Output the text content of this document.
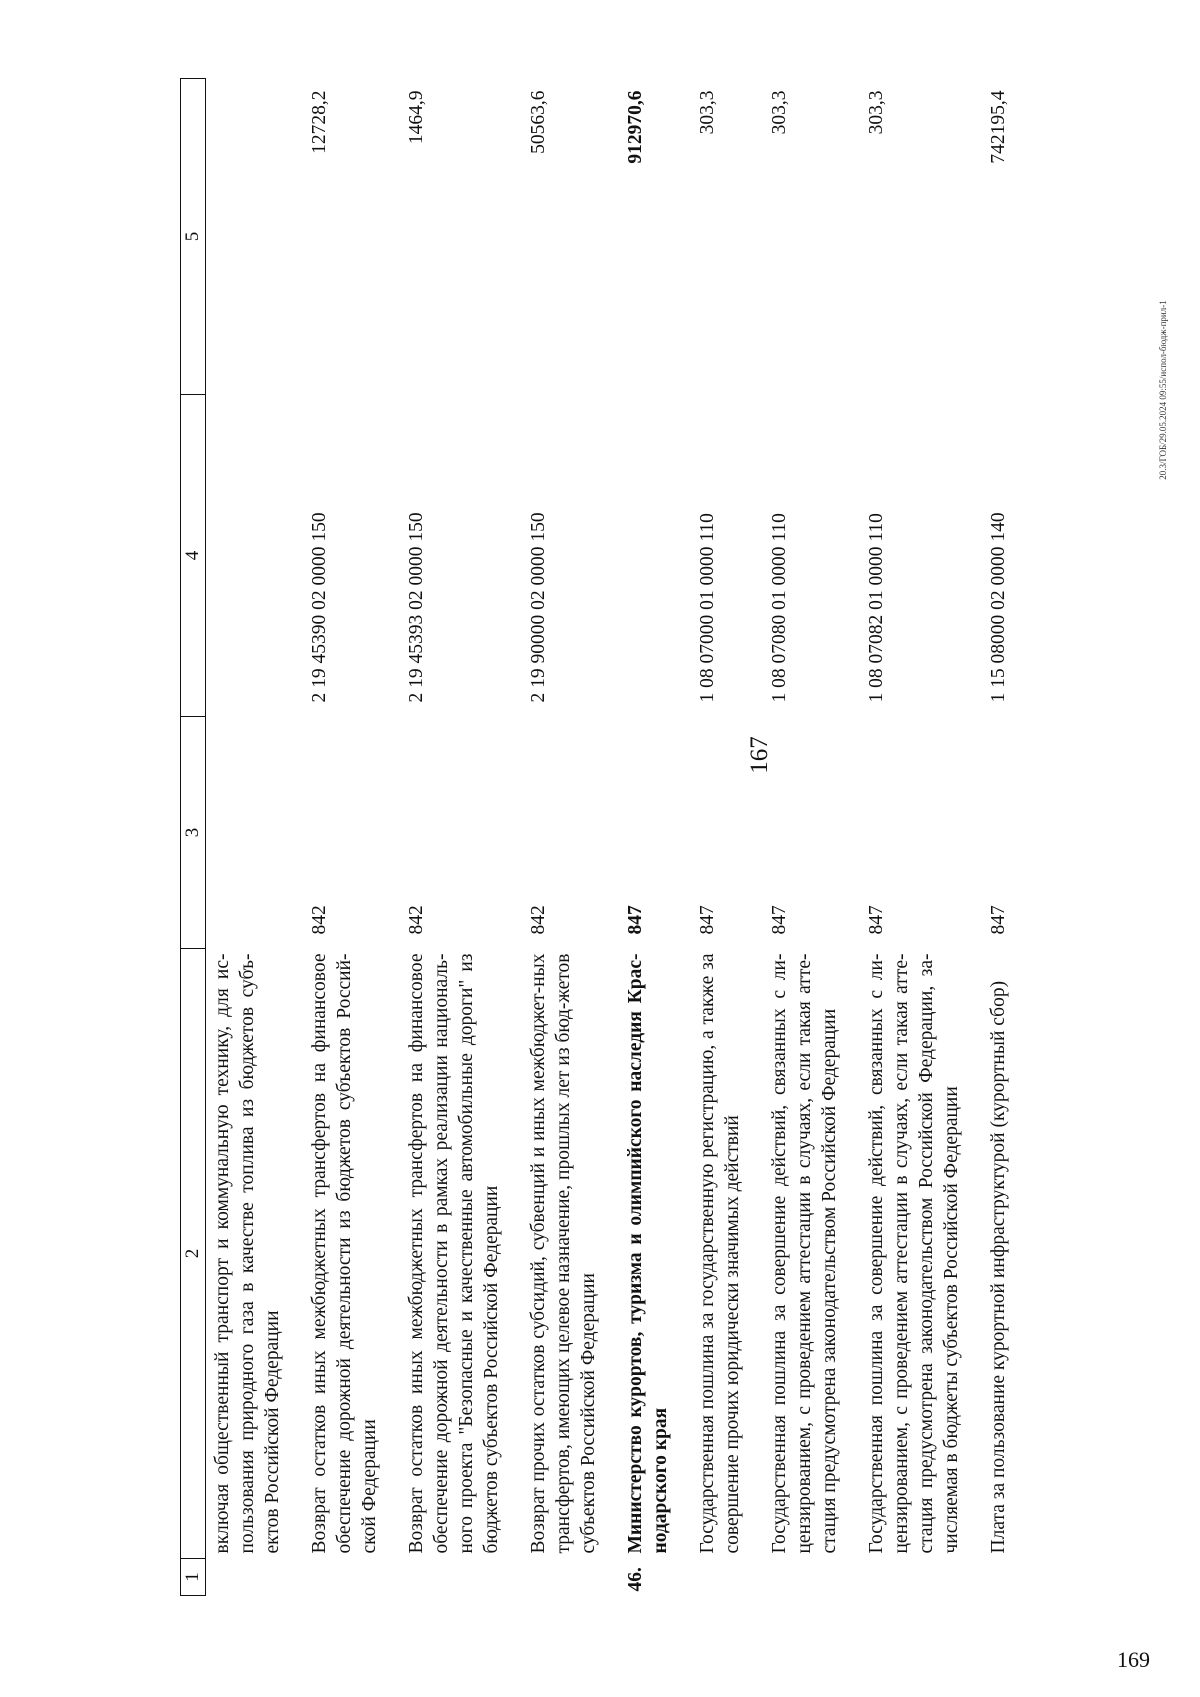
167
169
20.3/ГОБ/29.05.2024 09:55/испол-бюдж-прил-1
1	2	3	4	5
	включая общественный транспорт и коммунальную технику, для ис-пользования природного газа в качестве топлива из бюджетов субъ-ектов Российской Федерации			
	Возврат остатков иных межбюджетных трансфертов на финансовое обеспечение дорожной деятельности из бюджетов субъектов Россий-ской Федерации	842	2 19 45390 02 0000 150	12728,2
	Возврат остатков иных межбюджетных трансфертов на финансовое обеспечение дорожной деятельности в рамках реализации националь-ного проекта "Безопасные и качественные автомобильные дороги" из бюджетов субъектов Российской Федерации	842	2 19 45393 02 0000 150	1464,9
	Возврат прочих остатков субсидий, субвенций и иных межбюджет-ных трансфертов, имеющих целевое назначение, прошлых лет из бюд-жетов субъектов Российской Федерации	842	2 19 90000 02 0000 150	50563,6
46.	Министерство курортов, туризма и олимпийского наследия Крас-нодарского края	847		912970,6
	Государственная пошлина за государственную регистрацию, а также за совершение прочих юридически значимых действий	847	1 08 07000 01 0000 110	303,3
	Государственная пошлина за совершение действий, связанных с ли-цензированием, с проведением аттестации в случаях, если такая атте-стация предусмотрена законодательством Российской Федерации	847	1 08 07080 01 0000 110	303,3
	Государственная пошлина за совершение действий, связанных с ли-цензированием, с проведением аттестации в случаях, если такая атте-стация предусмотрена законодательством Российской Федерации, за-числяемая в бюджеты субъектов Российской Федерации	847	1 08 07082 01 0000 110	303,3
	Плата за пользование курортной инфраструктурой (курортный сбор)	847	1 15 08000 02 0000 140	742195,4
